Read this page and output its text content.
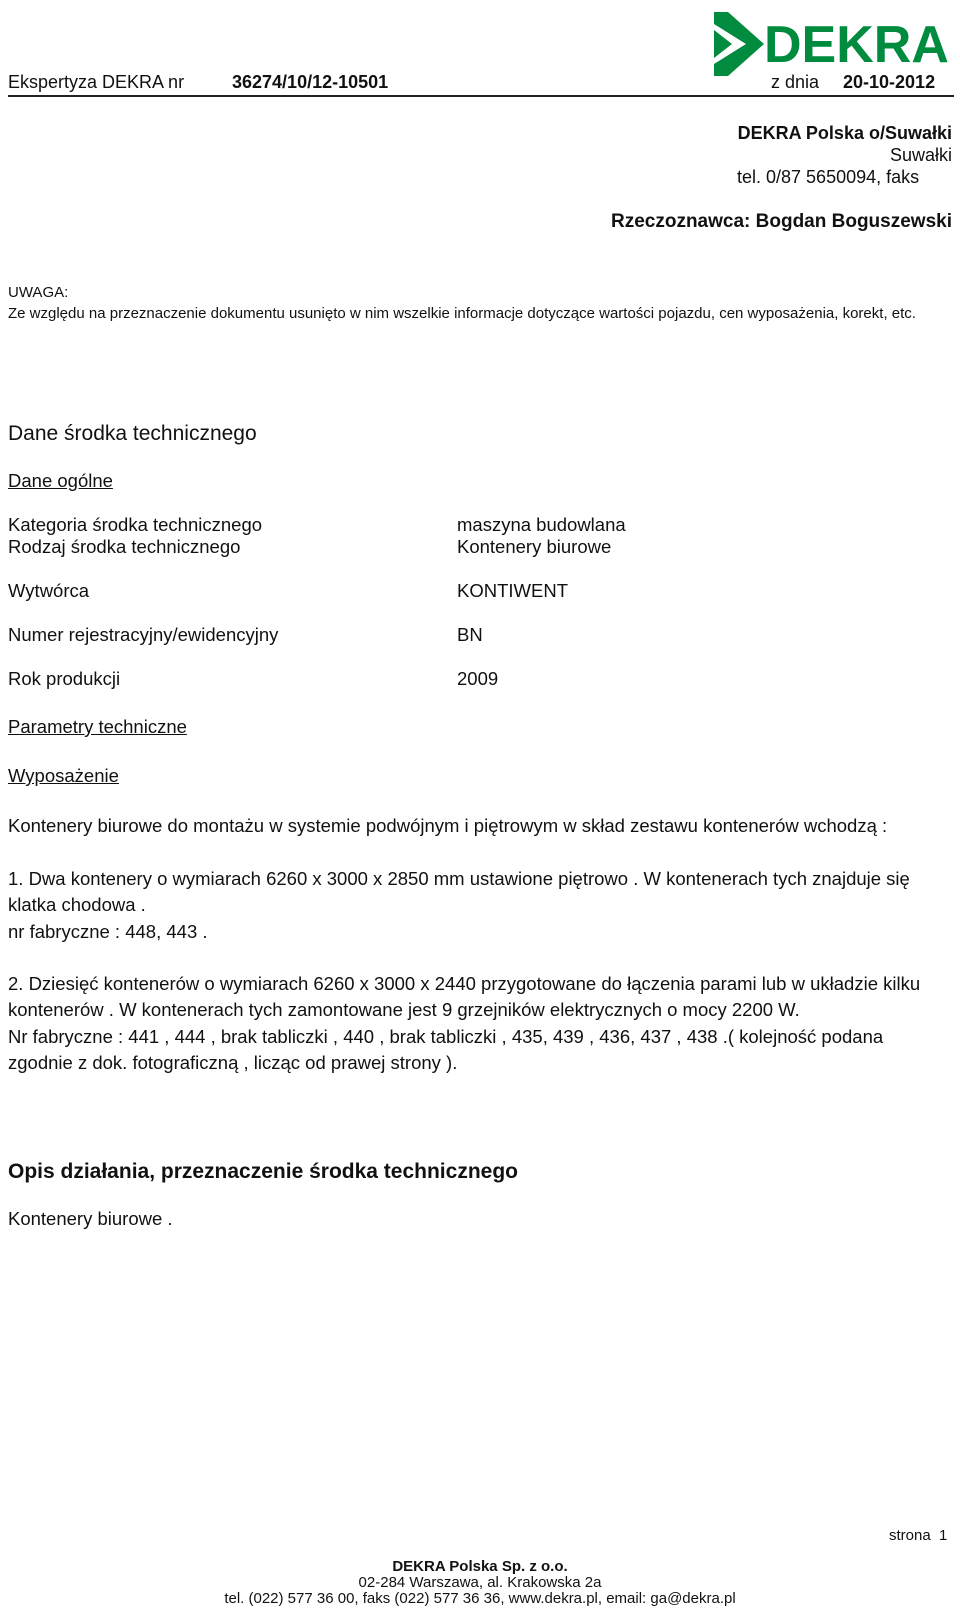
DEKRA
Ekspertyza DEKRA nr	36274/10/12-10501	z dnia 20-10-2012
DEKRA Polska o/Suwałki
Suwałki
tel. 0/87 5650094, faks
Rzeczoznawca: Bogdan Boguszewski
UWAGA:
Ze względu na przeznaczenie dokumentu usunięto w nim wszelkie informacje dotyczące wartości pojazdu, cen wyposażenia, korekt, etc.
Dane środka technicznego
Dane ogólne
Kategoria środka technicznego	maszyna budowlana
Rodzaj środka technicznego	Kontenery biurowe
Wytwórca	KONTIWENT
Numer rejestracyjny/ewidencyjny	BN
Rok produkcji	2009
Parametry techniczne
Wyposażenie
Kontenery biurowe do montażu w systemie podwójnym i piętrowym w skład zestawu kontenerów wchodzą :
1. Dwa kontenery o wymiarach 6260 x 3000 x 2850 mm ustawione piętrowo . W kontenerach tych znajduje się klatka chodowa .
nr fabryczne : 448, 443 .
2. Dziesięć kontenerów o wymiarach 6260 x 3000 x 2440 przygotowane do łączenia parami lub w układzie kilku kontenerów . W kontenerach tych zamontowane jest 9 grzejników elektrycznych o mocy 2200 W.
Nr fabryczne : 441 , 444 , brak tabliczki , 440 , brak tabliczki , 435, 439 , 436, 437 , 438 .( kolejność podana zgodnie z dok. fotograficzną , licząc od prawej strony ).
Opis działania, przeznaczenie środka technicznego
Kontenery biurowe .
strona 1
DEKRA Polska Sp. z o.o.
02-284 Warszawa, al. Krakowska 2a
tel. (022) 577 36 00, faks (022) 577 36 36, www.dekra.pl, email: ga@dekra.pl
